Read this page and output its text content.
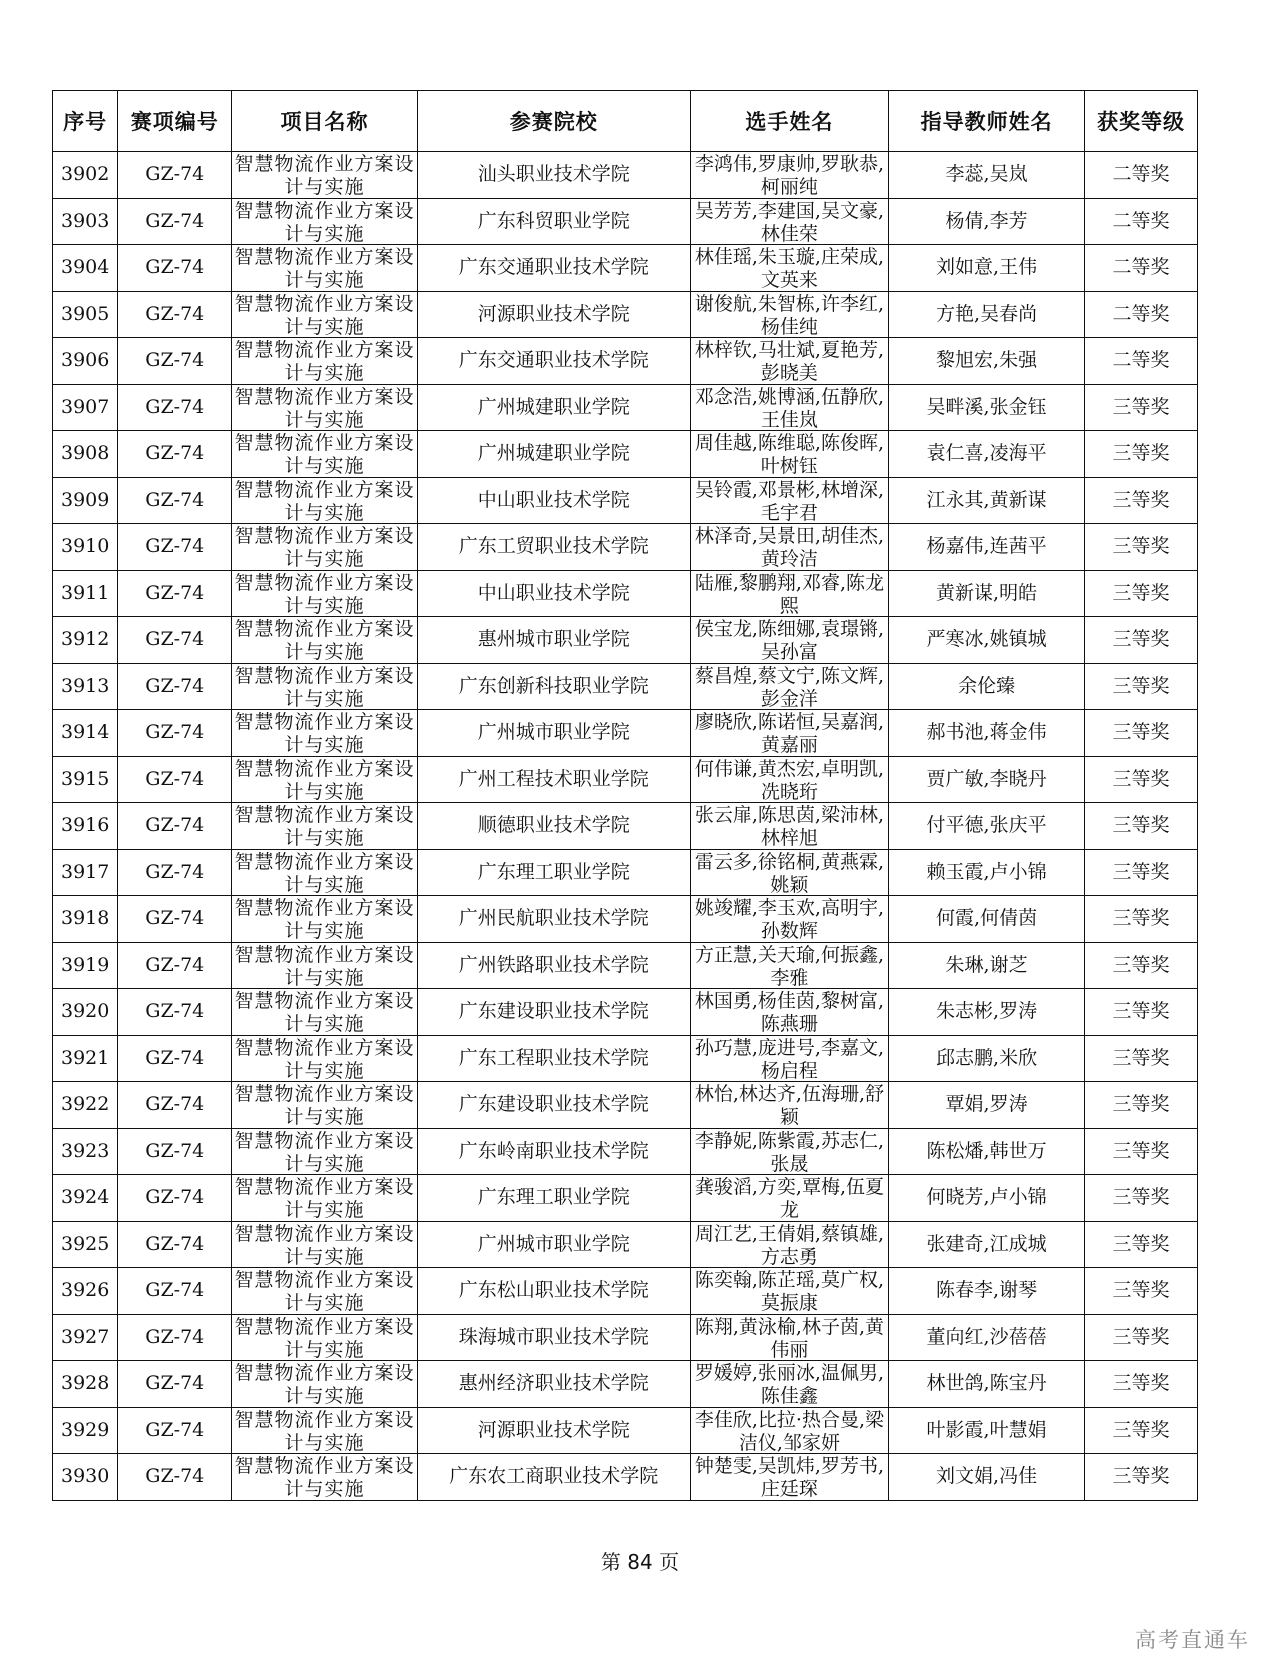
序号	赛项编号	项目名称	参赛院校	选手姓名	指导教师姓名	获奖等级
3902	GZ-74	智慧物流作业方案设计与实施	汕头职业技术学院	李鸿伟,罗康帅,罗耿恭,柯丽纯	李蕊,吴岚	二等奖
3903	GZ-74	智慧物流作业方案设计与实施	广东科贸职业学院	吴芳芳,李建国,吴文豪,林佳荣	杨倩,李芳	二等奖
3904	GZ-74	智慧物流作业方案设计与实施	广东交通职业技术学院	林佳瑶,朱玉璇,庄荣成,文英来	刘如意,王伟	二等奖
3905	GZ-74	智慧物流作业方案设计与实施	河源职业技术学院	谢俊航,朱智栋,许李红,杨佳纯	方艳,吴春尚	二等奖
3906	GZ-74	智慧物流作业方案设计与实施	广东交通职业技术学院	林梓钦,马壮斌,夏艳芳,彭晓美	黎旭宏,朱强	二等奖
3907	GZ-74	智慧物流作业方案设计与实施	广州城建职业学院	邓念浩,姚博涵,伍静欣,王佳岚	吴畔溪,张金钰	三等奖
3908	GZ-74	智慧物流作业方案设计与实施	广州城建职业学院	周佳越,陈维聪,陈俊晖,叶树钰	袁仁喜,凌海平	三等奖
3909	GZ-74	智慧物流作业方案设计与实施	中山职业技术学院	吴铃霞,邓景彬,林增深,毛宇君	江永其,黄新谋	三等奖
3910	GZ-74	智慧物流作业方案设计与实施	广东工贸职业技术学院	林泽奇,吴景田,胡佳杰,黄玲洁	杨嘉伟,连茜平	三等奖
3911	GZ-74	智慧物流作业方案设计与实施	中山职业技术学院	陆雁,黎鹏翔,邓睿,陈龙熙	黄新谋,明皓	三等奖
3912	GZ-74	智慧物流作业方案设计与实施	惠州城市职业学院	侯宝龙,陈细娜,袁璟锵,吴孙富	严寒冰,姚镇城	三等奖
3913	GZ-74	智慧物流作业方案设计与实施	广东创新科技职业学院	蔡昌煌,蔡文宁,陈文辉,彭金洋	余伦臻	三等奖
3914	GZ-74	智慧物流作业方案设计与实施	广州城市职业学院	廖晓欣,陈诺恒,吴嘉润,黄嘉丽	郝书池,蒋金伟	三等奖
3915	GZ-74	智慧物流作业方案设计与实施	广州工程技术职业学院	何伟谦,黄杰宏,卓明凯,冼晓珩	贾广敏,李晓丹	三等奖
3916	GZ-74	智慧物流作业方案设计与实施	顺德职业技术学院	张云扉,陈思茵,梁沛林,林梓旭	付平德,张庆平	三等奖
3917	GZ-74	智慧物流作业方案设计与实施	广东理工职业学院	雷云多,徐铭桐,黄燕霖,姚颖	赖玉霞,卢小锦	三等奖
3918	GZ-74	智慧物流作业方案设计与实施	广州民航职业技术学院	姚竣耀,李玉欢,高明宇,孙数辉	何霞,何倩茵	三等奖
3919	GZ-74	智慧物流作业方案设计与实施	广州铁路职业技术学院	方正慧,关天瑜,何振鑫,李雅	朱琳,谢芝	三等奖
3920	GZ-74	智慧物流作业方案设计与实施	广东建设职业技术学院	林国勇,杨佳茵,黎树富,陈燕珊	朱志彬,罗涛	三等奖
3921	GZ-74	智慧物流作业方案设计与实施	广东工程职业技术学院	孙巧慧,庞进号,李嘉文,杨启程	邱志鹏,米欣	三等奖
3922	GZ-74	智慧物流作业方案设计与实施	广东建设职业技术学院	林怡,林达齐,伍海珊,舒颖	覃娟,罗涛	三等奖
3923	GZ-74	智慧物流作业方案设计与实施	广东岭南职业技术学院	李静妮,陈紫霞,苏志仁,张晟	陈松燔,韩世万	三等奖
3924	GZ-74	智慧物流作业方案设计与实施	广东理工职业学院	龚骏滔,方奕,覃梅,伍夏龙	何晓芳,卢小锦	三等奖
3925	GZ-74	智慧物流作业方案设计与实施	广州城市职业学院	周江艺,王倩娟,蔡镇雄,方志勇	张建奇,江成城	三等奖
3926	GZ-74	智慧物流作业方案设计与实施	广东松山职业技术学院	陈奕翰,陈芷瑶,莫广权,莫振康	陈春李,谢琴	三等奖
3927	GZ-74	智慧物流作业方案设计与实施	珠海城市职业技术学院	陈翔,黄泳榆,林子茵,黄伟丽	董向红,沙蓓蓓	三等奖
3928	GZ-74	智慧物流作业方案设计与实施	惠州经济职业技术学院	罗媛婷,张丽冰,温佩男,陈佳鑫	林世鸽,陈宝丹	三等奖
3929	GZ-74	智慧物流作业方案设计与实施	河源职业技术学院	李佳欣,比拉·热合曼,梁洁仪,邹家妍	叶影霞,叶慧娟	三等奖
3930	GZ-74	智慧物流作业方案设计与实施	广东农工商职业技术学院	钟楚雯,吴凯炜,罗芳书,庄廷琛	刘文娟,冯佳	三等奖
第 84 页
高考直通车
